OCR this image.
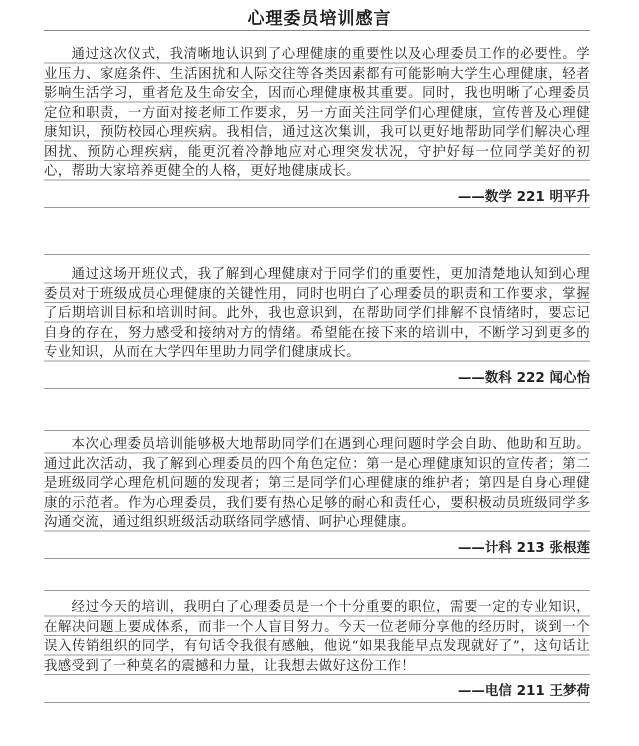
心理委员培训感言
通过这次仪式，我清晰地认识到了心理健康的重要性以及心理委员工作的必要性。学业压力、家庭条件、生活困扰和人际交往等各类因素都有可能影响大学生心理健康，轻者影响生活学习，重者危及生命安全，因而心理健康极其重要。同时，我也明晰了心理委员定位和职责，一方面对接老师工作要求，另一方面关注同学们心理健康，宣传普及心理健康知识，预防校园心理疾病。我相信，通过这次集训，我可以更好地帮助同学们解决心理困扰、预防心理疾病，能更沉着冷静地应对心理突发状况，守护好每一位同学美好的初心，帮助大家培养更健全的人格，更好地健康成长。
——数学 221 明平升
通过这场开班仪式，我了解到心理健康对于同学们的重要性，更加清楚地认知到心理委员对于班级成员心理健康的关键性用，同时也明白了心理委员的职责和工作要求，掌握了后期培训目标和培训时间。此外，我也意识到，在帮助同学们排解不良情绪时，要忘记自身的存在，努力感受和接纳对方的情绪。希望能在接下来的培训中，不断学习到更多的专业知识，从而在大学四年里助力同学们健康成长。
——数科 222 闻心怡
本次心理委员培训能够极大地帮助同学们在遇到心理问题时学会自助、他助和互助。通过此次活动，我了解到心理委员的四个角色定位：第一是心理健康知识的宣传者；第二是班级同学心理危机问题的发现者；第三是同学们心理健康的维护者；第四是自身心理健康的示范者。作为心理委员，我们要有热心足够的耐心和责任心，要积极动员班级同学多沟通交流，通过组织班级活动联络同学感情、呵护心理健康。
——计科 213 张根莲
经过今天的培训，我明白了心理委员是一个十分重要的职位，需要一定的专业知识，在解决问题上要成体系，而非一个人盲目努力。今天一位老师分享他的经历时，谈到一个误入传销组织的同学，有句话令我很有感触，他说“如果我能早点发现就好了”，这句话让我感受到了一种莫名的震撼和力量，让我想去做好这份工作！
——电信 211 王梦荷
